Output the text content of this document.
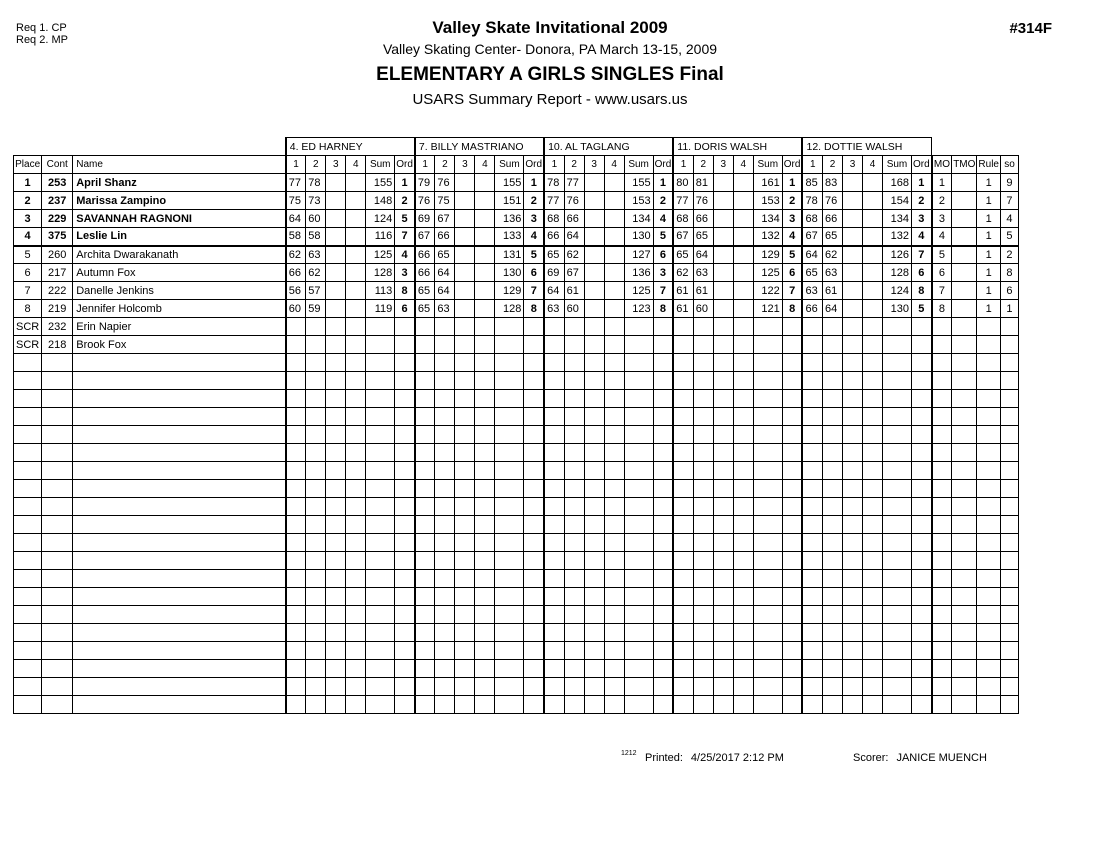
Req 1. CP
Req 2. MP
#314F
Valley Skate Invitational 2009
Valley Skating Center- Donora, PA March 13-15, 2009
ELEMENTARY A GIRLS SINGLES Final
USARS Summary Report - www.usars.us
			4. ED HARNEY						7. BILLY MASTRIANO						10. AL TAGLANG						11. DORIS WALSH						12. DOTTIE WALSH									
Place	Cont	Name	1	2	3	4	Sum	Ord	1	2	3	4	Sum	Ord	1	2	3	4	Sum	Ord	1	2	3	4	Sum	Ord	1	2	3	4	Sum	Ord	MO	TMO	Rule	so
1	253	April Shanz	77	78			155	1	79	76			155	1	78	77			155	1	80	81			161	1	85	83			168	1	1		1	9
2	237	Marissa Zampino	75	73			148	2	76	75			151	2	77	76			153	2	77	76			153	2	78	76			154	2	2		1	7
3	229	SAVANNAH RAGNONI	64	60			124	5	69	67			136	3	68	66			134	4	68	66			134	3	68	66			134	3	3		1	4
4	375	Leslie Lin	58	58			116	7	67	66			133	4	66	64			130	5	67	65			132	4	67	65			132	4	4		1	5
5	260	Archita Dwarakanath	62	63			125	4	66	65			131	5	65	62			127	6	65	64			129	5	64	62			126	7	5		1	2
6	217	Autumn Fox	66	62			128	3	66	64			130	6	69	67			136	3	62	63			125	6	65	63			128	6	6		1	8
7	222	Danelle Jenkins	56	57			113	8	65	64			129	7	64	61			125	7	61	61			122	7	63	61			124	8	7		1	6
8	219	Jennifer Holcomb	60	59			119	6	65	63			128	8	63	60			123	8	61	60			121	8	66	64			130	5	8		1	1
SCR	232	Erin Napier																																		
SCR	218	Brook Fox																																		

1212 Printed: 4/25/2017 2:12 PM	Scorer: JANICE MUENCH
